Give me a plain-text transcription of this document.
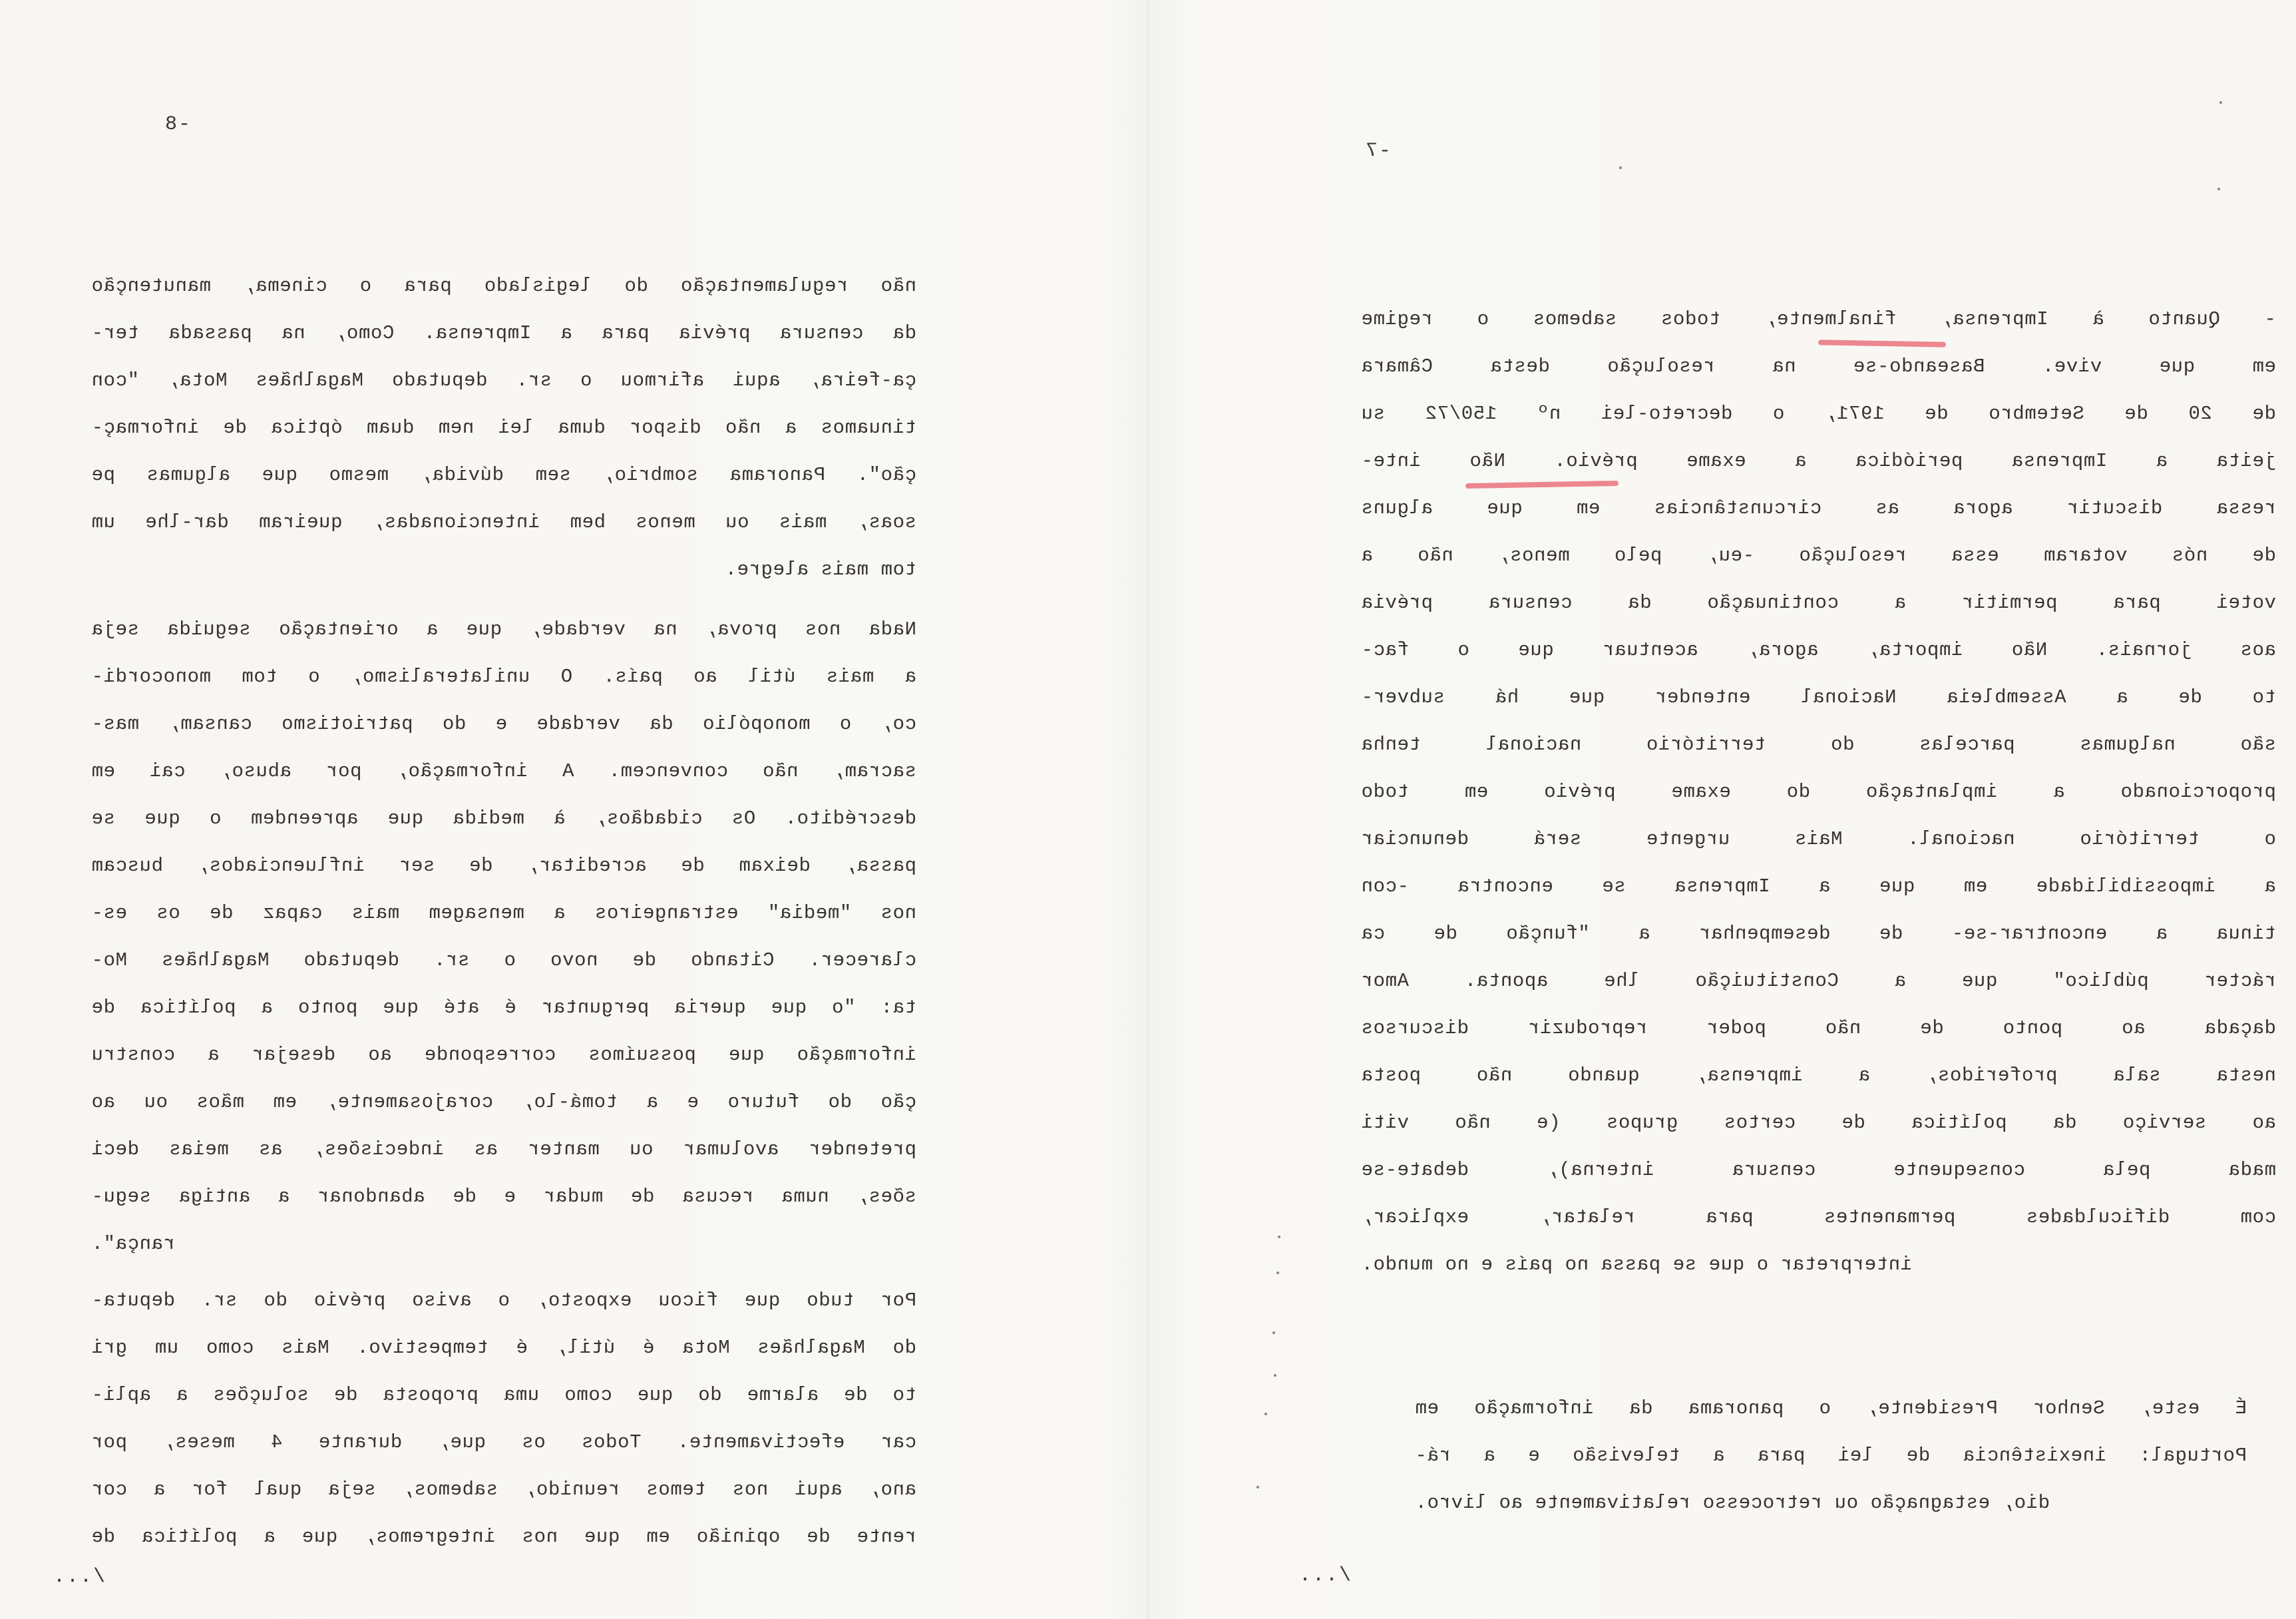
-8
não regulamentação do legislado para o cinema, manutenção
da censura prévia para a Imprensa. Como, na passada ter-
ça-feira, aqui afirmou o sr. deputado Magalhães Mota, "con
tinuamos a não dispor duma lei nem duam óptica de informaç-
ção". Panorama sombrio, sem dúvida, mesmo que algumas pe
soas, mais ou menos bem intencionadas, queiram dar-lhe um
tom mais alegre.
Nada nos prova, na verdade, que a orientação seguida seja
a mais útil ao país. O unilateralismo, o tom monocordi-
co, o monopólio da verdade e do patriotismo cansam, mas-
sacram, não convencem. A informação, por abuso, cai em
descrédito. Os cidadãos, à medida que apreendem o que se
passa, deixam de acreditar, de ser influenciados, buscam
nos "media" estrangeiros a mensagem mais capaz de os es-
clarecer. Citando de novo o sr. deputado Magalhães Mo-
ta: "o que queria perguntar é até que ponto a política de
informação que possuímos corresponde ao desejar a constru
ção do futuro e a tomá-lo, corajosamente, em mãos ou ao
pretender avolumar ou manter as indecisões, as meias deci
sões, numa recusa de mudar e de abandonar a antiga segu-
rança".
Por tudo que ficou exposto, o aviso prévio do sr. deputa-
do Magalhães Mota é útil, é tempestivo. Mais como um gri
to de alarme do que como uma proposta de soluções a apli-
car efectivamente. Todos os que, durante 4 meses, por
ano, aqui nos temos reunido, sabemos, seja qual for a cor
rente de opinião em que nos integremos, que a política de
/...
-7
- Quanto à Imprensa, finalmente, todos sabemos o regime
em que vive. Baseando-se na resolução desta Câmara
de 20 de Setembro de 1971, o decreto-lei nº 150/72 su
jeita a Imprensa periódica a exame prévio. Não inte-
ressa discutir agora as circunstâncias em que alguns
de nós votaram essa resolução -eu, pelo menos, não a
votei para permitir a continuação da censura prévia
aos jornais. Não importa, agora, acentuar que o fac-
to de a Assembleia Nacional entender que há subver-
são nalgumas parcelas do território nacional tenha
proporcionado a implantação do exame prévio em todo
o território nacional. Mais urgente será denunciar
a impossibilidade em que a Imprensa se encontra -con
tinua a encontrar-se- de desempenhar a "função de ca
rácter público" que a Constituição lhe aponta. Amor
daçada ao ponto de não poder reproduzir discursos
nesta sala proferidos, a imprensa, quando não posta
ao serviço da política de certos grupos (e não viti
mada pela consequente censura interna), debate-se
com dificuldades permanentes para relatar, explicar,
interpretar o que se passa no país e no mundo.
É este, Senhor Presidente, o panorama da informação em
Portugal: inexistência de lei para a televisão e a rá-
dio, estagnação ou retrocesso relativamente ao livro.
/...
